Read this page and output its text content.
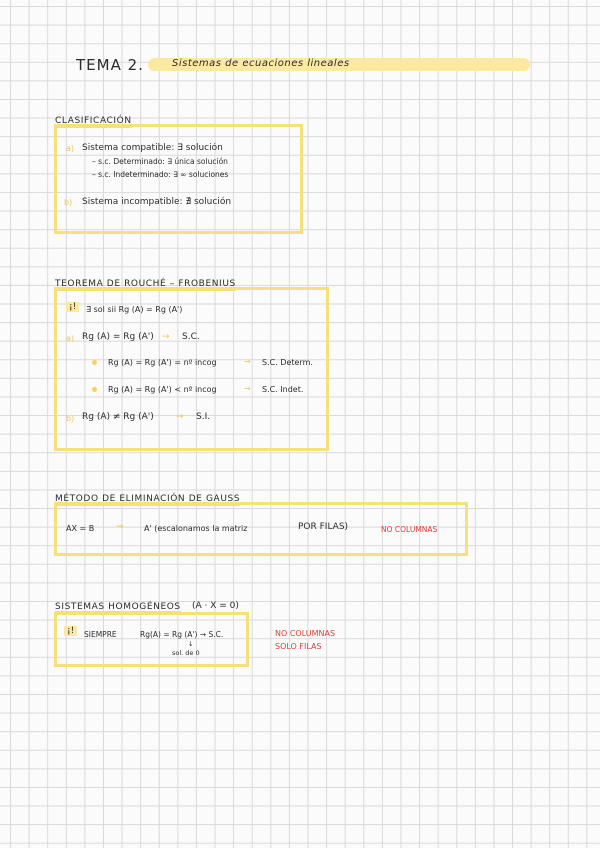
TEMA 2.	Sistemas de ecuaciones lineales
CLASIFICACIÓN
a) Sistema compatible: ∃ solución
– s.c. Determinado: ∃ única solución
– s.c. Indeterminado: ∃ ∞ soluciones
b) Sistema incompatible: ∄ solución
TEOREMA DE ROUCHÉ – FROBENIUS
¡!	∃ sol sii Rg (A) = Rg (A')
a) Rg (A) = Rg (A') → S.C.
Rg (A) = Rg (A') = nº incog	→ S.C. Determ.
Rg (A) = Rg (A') < nº incog	→ S.C. Indet.
b) Rg (A) ≠ Rg (A') → S.I.
MÉTODO DE ELIMINACIÓN DE GAUSS
AX = B →	A' (escalonamos la matriz	POR FILAS)	NO COLUMNAS
SISTEMAS HOMOGÉNEOS (A · X = 0)
¡!	SIEMPRE	Rg(A) = Rg (A') → S.C.
↓
sol. de 0
NO COLUMNAS
SOLO FILAS
